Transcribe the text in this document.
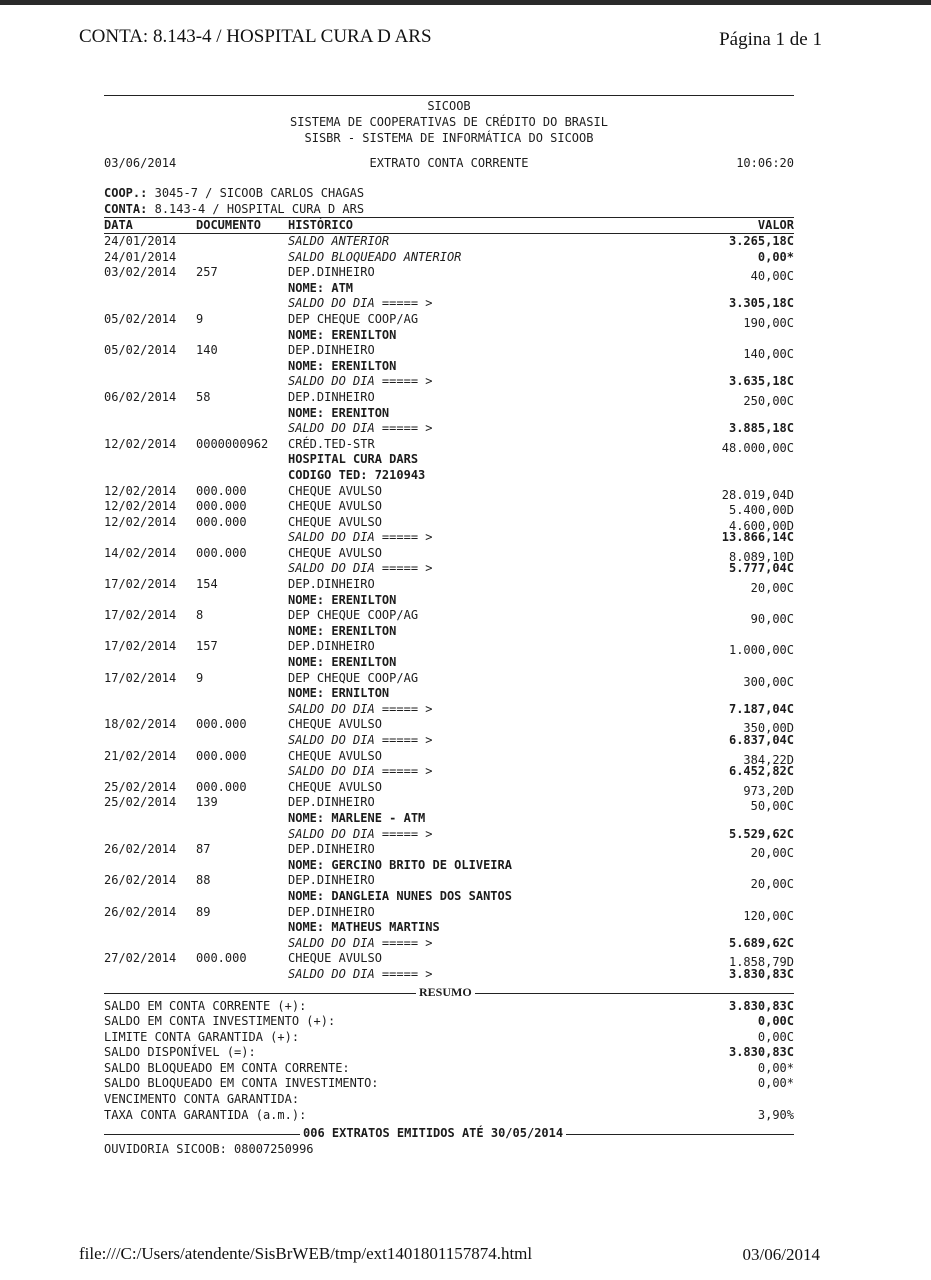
CONTA: 8.143-4 / HOSPITAL CURA D ARS	Página 1 de 1
SICOOB
SISTEMA DE COOPERATIVAS DE CRÉDITO DO BRASIL
SISBR - SISTEMA DE INFORMÁTICA DO SICOOB
03/06/2014	EXTRATO CONTA CORRENTE	10:06:20
COOP.: 3045-7 / SICOOB CARLOS CHAGAS
CONTA: 8.143-4 / HOSPITAL CURA D ARS
DATA	DOCUMENTO HISTÓRICO	VALOR
24/01/2014	SALDO ANTERIOR	3.265,18C
24/01/2014	SALDO BLOQUEADO ANTERIOR	0,00*
03/02/2014 257	DEP.DINHEIRO	40,00C
NOME: ATM
SALDO DO DIA ===== >	3.305,18C
05/02/2014 9	DEP CHEQUE COOP/AG	190,00C
NOME: ERENILTON
05/02/2014 140	DEP.DINHEIRO	140,00C
NOME: ERENILTON
SALDO DO DIA ===== >	3.635,18C
06/02/2014 58	DEP.DINHEIRO	250,00C
NOME: ERENITON
SALDO DO DIA ===== >	3.885,18C
12/02/2014 0000000962 CRÉD.TED-STR	48.000,00C
HOSPITAL CURA DARS
CODIGO TED: 7210943
12/02/2014 000.000	CHEQUE AVULSO	28.019,04D
12/02/2014 000.000	CHEQUE AVULSO	5.400,00D
12/02/2014 000.000	CHEQUE AVULSO	4.600,00D
SALDO DO DIA ===== >	13.866,14C
14/02/2014 000.000	CHEQUE AVULSO	8.089,10D
SALDO DO DIA ===== >	5.777,04C
17/02/2014 154	DEP.DINHEIRO	20,00C
NOME: ERENILTON
17/02/2014 8	DEP CHEQUE COOP/AG	90,00C
NOME: ERENILTON
17/02/2014 157	DEP.DINHEIRO	1.000,00C
NOME: ERENILTON
17/02/2014 9	DEP CHEQUE COOP/AG	300,00C
NOME: ERNILTON
SALDO DO DIA ===== >	7.187,04C
18/02/2014 000.000	CHEQUE AVULSO	350,00D
SALDO DO DIA ===== >	6.837,04C
21/02/2014 000.000	CHEQUE AVULSO	384,22D
SALDO DO DIA ===== >	6.452,82C
25/02/2014 000.000	CHEQUE AVULSO	973,20D
25/02/2014 139	DEP.DINHEIRO	50,00C
NOME: MARLENE - ATM
SALDO DO DIA ===== >	5.529,62C
26/02/2014 87	DEP.DINHEIRO	20,00C
NOME: GERCINO BRITO DE OLIVEIRA
26/02/2014 88	DEP.DINHEIRO	20,00C
NOME: DANGLEIA NUNES DOS SANTOS
26/02/2014 89	DEP.DINHEIRO	120,00C
NOME: MATHEUS MARTINS
SALDO DO DIA ===== >	5.689,62C
27/02/2014 000.000	CHEQUE AVULSO	1.858,79D
SALDO DO DIA ===== >	3.830,83C
RESUMO
SALDO EM CONTA CORRENTE (+):	3.830,83C
SALDO EM CONTA INVESTIMENTO (+):	0,00C
LIMITE CONTA GARANTIDA (+):	0,00C
SALDO DISPONÍVEL (=):	3.830,83C
SALDO BLOQUEADO EM CONTA CORRENTE:	0,00*
SALDO BLOQUEADO EM CONTA INVESTIMENTO:	0,00*
VENCIMENTO CONTA GARANTIDA:
TAXA CONTA GARANTIDA (a.m.):	3,90%
006 EXTRATOS EMITIDOS ATÉ 30/05/2014
OUVIDORIA SICOOB: 08007250996
file:///C:/Users/atendente/SisBrWEB/tmp/ext1401801157874.html	03/06/2014
